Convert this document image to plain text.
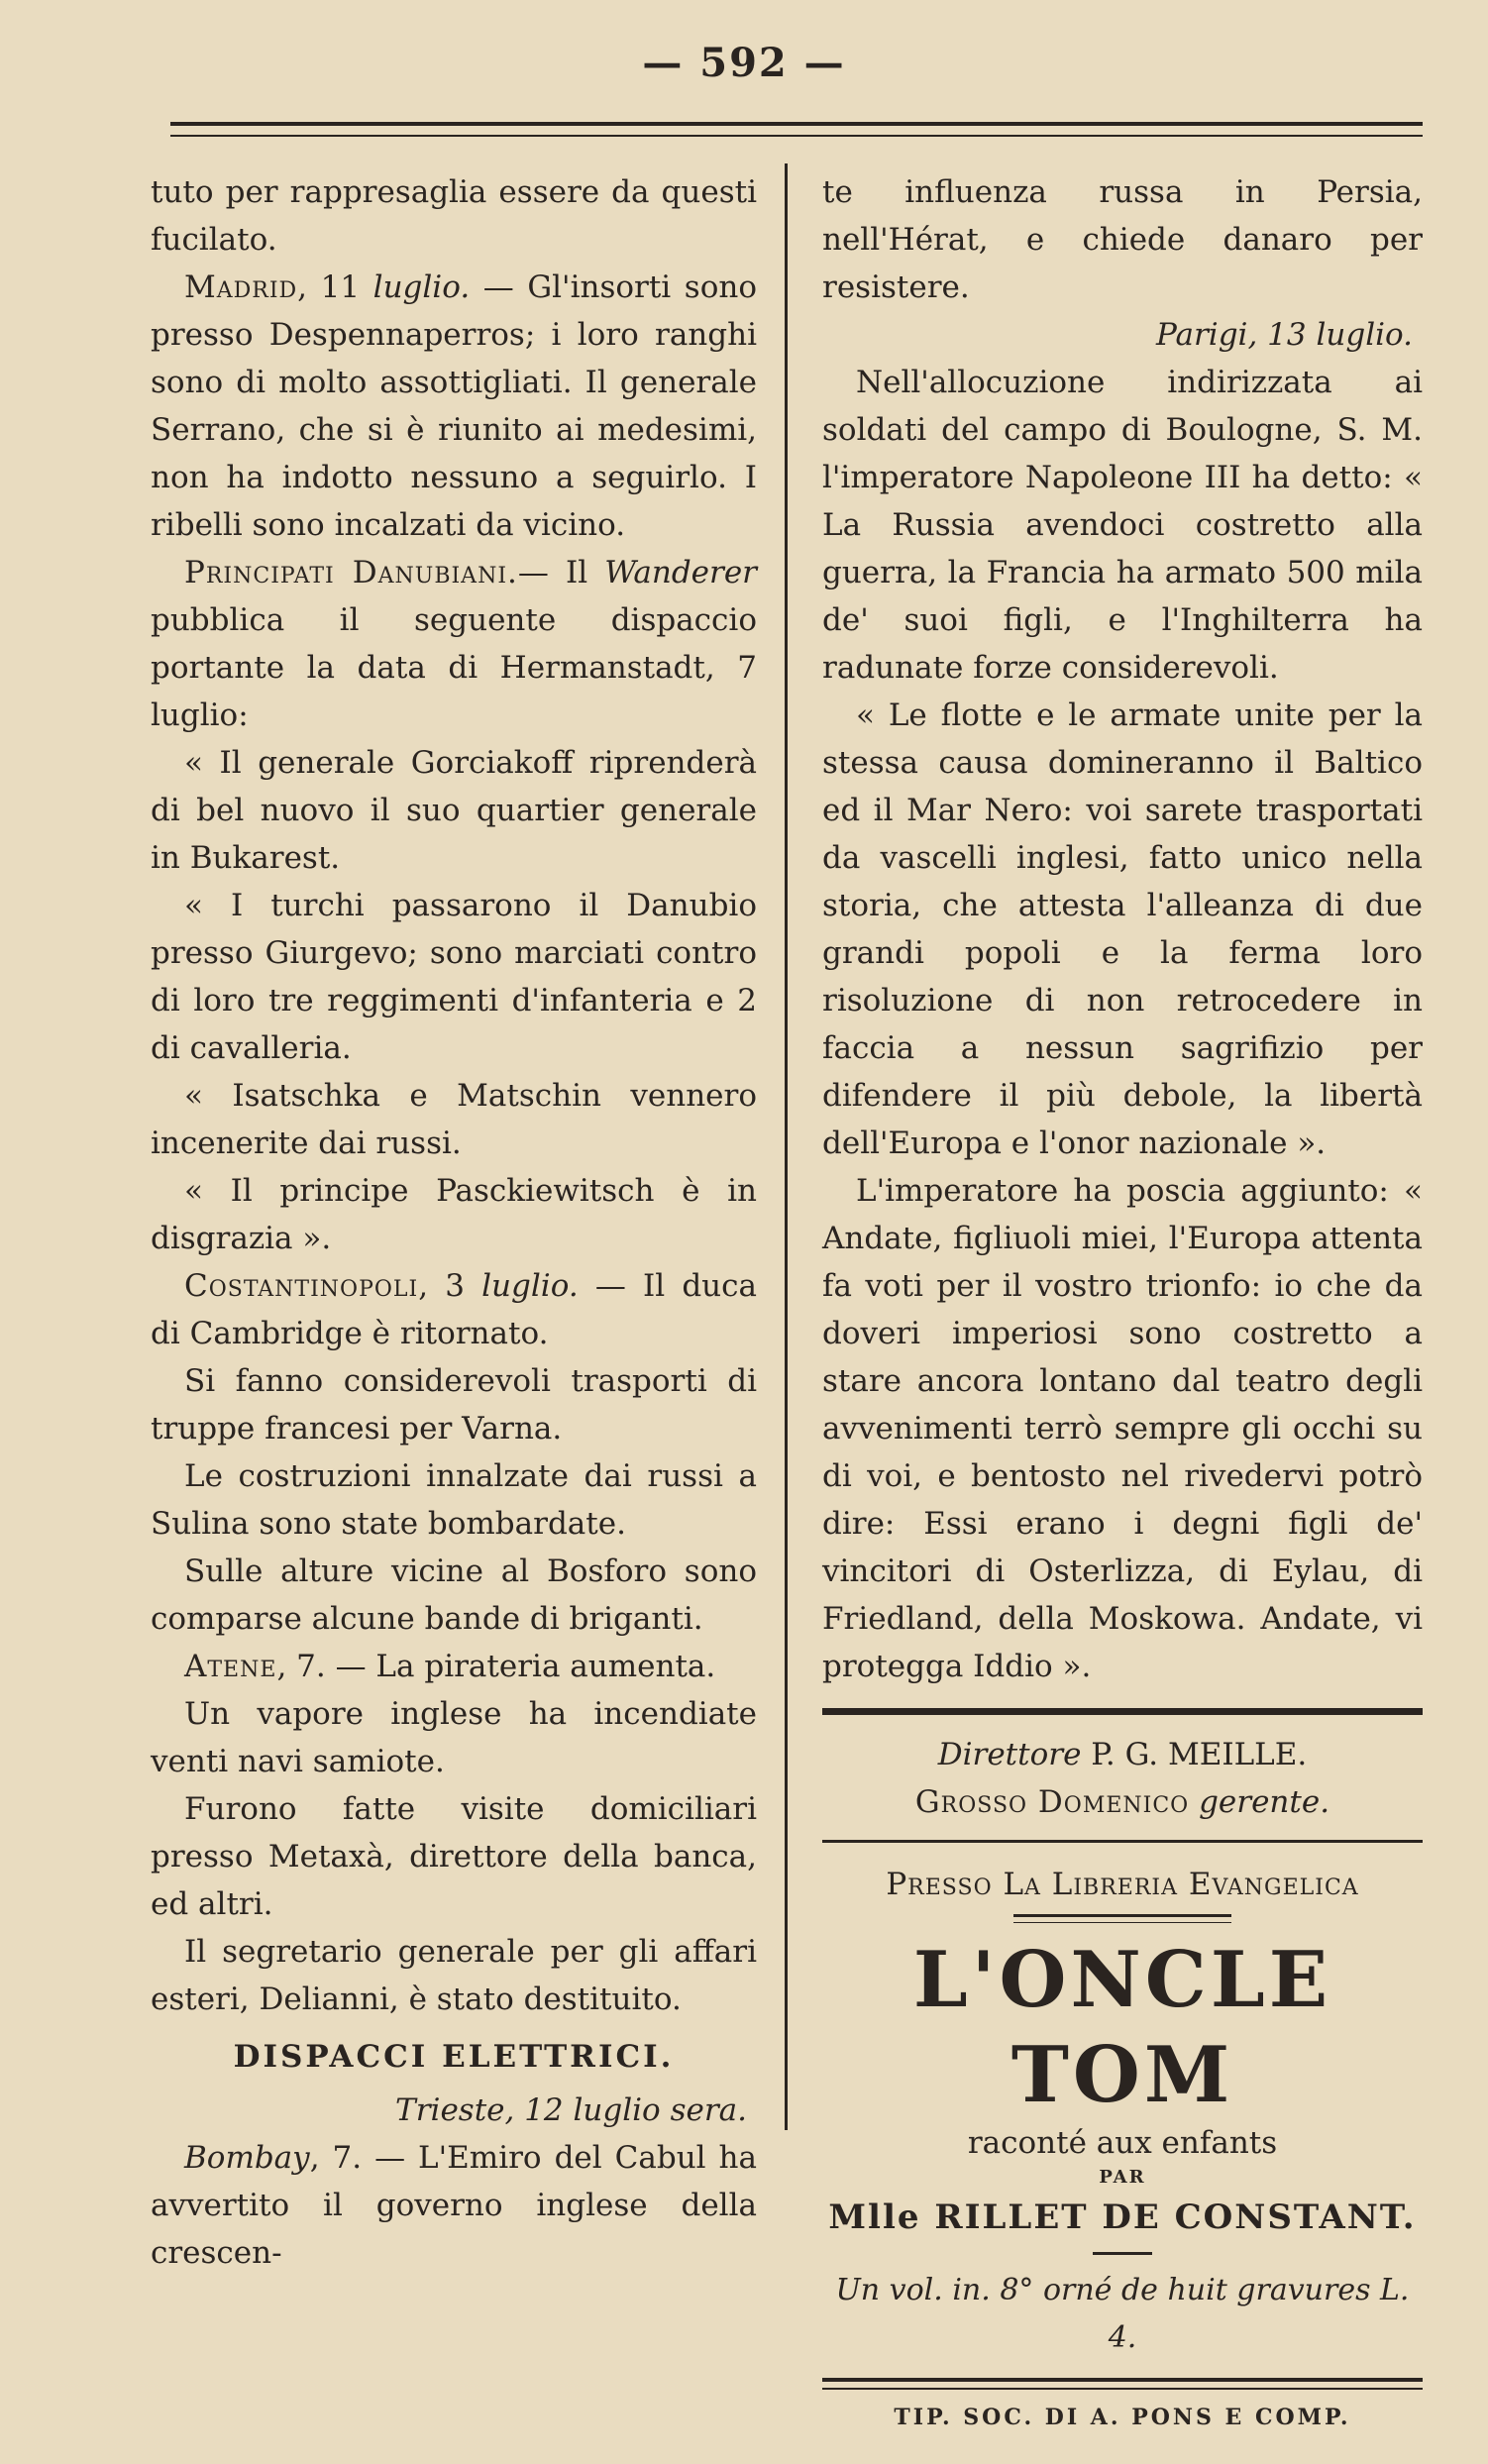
— 592 —

tuto per rappresaglia essere da questi fucilato.

Madrid, 11 luglio. — Gl'insorti sono presso Despennaperros; i loro ranghi sono di molto assottigliati. Il generale Serrano, che si è riunito ai medesimi, non ha indotto nessuno a seguirlo. I ribelli sono incalzati da vicino.

Principati Danubiani.— Il Wanderer pubblica il seguente dispaccio portante la data di Hermanstadt, 7 luglio:

« Il generale Gorciakoff riprenderà di bel nuovo il suo quartier generale in Bukarest.

« I turchi passarono il Danubio presso Giurgevo; sono marciati contro di loro tre reggimenti d'infanteria e 2 di cavalleria.

« Isatschka e Matschin vennero incenerite dai russi.

« Il principe Pasckiewitsch è in disgrazia ».

Costantinopoli, 3 luglio. — Il duca di Cambridge è ritornato.

Si fanno considerevoli trasporti di truppe francesi per Varna.

Le costruzioni innalzate dai russi a Sulina sono state bombardate.

Sulle alture vicine al Bosforo sono comparse alcune bande di briganti.

Atene, 7. — La pirateria aumenta.

Un vapore inglese ha incendiate venti navi samiote.

Furono fatte visite domiciliari presso Metaxà, direttore della banca, ed altri.

Il segretario generale per gli affari esteri, Delianni, è stato destituito.

DISPACCI ELETTRICI.

Trieste, 12 luglio sera.

Bombay, 7. — L'Emiro del Cabul ha avvertito il governo inglese della crescen-

te influenza russa in Persia, nell'Hérat, e chiede danaro per resistere.

Parigi, 13 luglio.

Nell'allocuzione indirizzata ai soldati del campo di Boulogne, S. M. l'imperatore Napoleone III ha detto: « La Russia avendoci costretto alla guerra, la Francia ha armato 500 mila de' suoi figli, e l'Inghilterra ha radunate forze considerevoli.

« Le flotte e le armate unite per la stessa causa domineranno il Baltico ed il Mar Nero: voi sarete trasportati da vascelli inglesi, fatto unico nella storia, che attesta l'alleanza di due grandi popoli e la ferma loro risoluzione di non retrocedere in faccia a nessun sagrifizio per difendere il più debole, la libertà dell'Europa e l'onor nazionale ».

L'imperatore ha poscia aggiunto: « Andate, figliuoli miei, l'Europa attenta fa voti per il vostro trionfo: io che da doveri imperiosi sono costretto a stare ancora lontano dal teatro degli avvenimenti terrò sempre gli occhi su di voi, e bentosto nel rivedervi potrò dire: Essi erano i degni figli de' vincitori di Osterlizza, di Eylau, di Friedland, della Moskowa. Andate, vi protegga Iddio ».

Direttore P. G. MEILLE.

Grosso Domenico gerente.

Presso La Libreria Evangelica

L'ONCLE TOM
raconté aux enfants
PAR
Mlle RILLET DE CONSTANT.
Un vol. in. 8° orné de huit gravures L. 4.
TIP. SOC. DI A. PONS E COMP.
